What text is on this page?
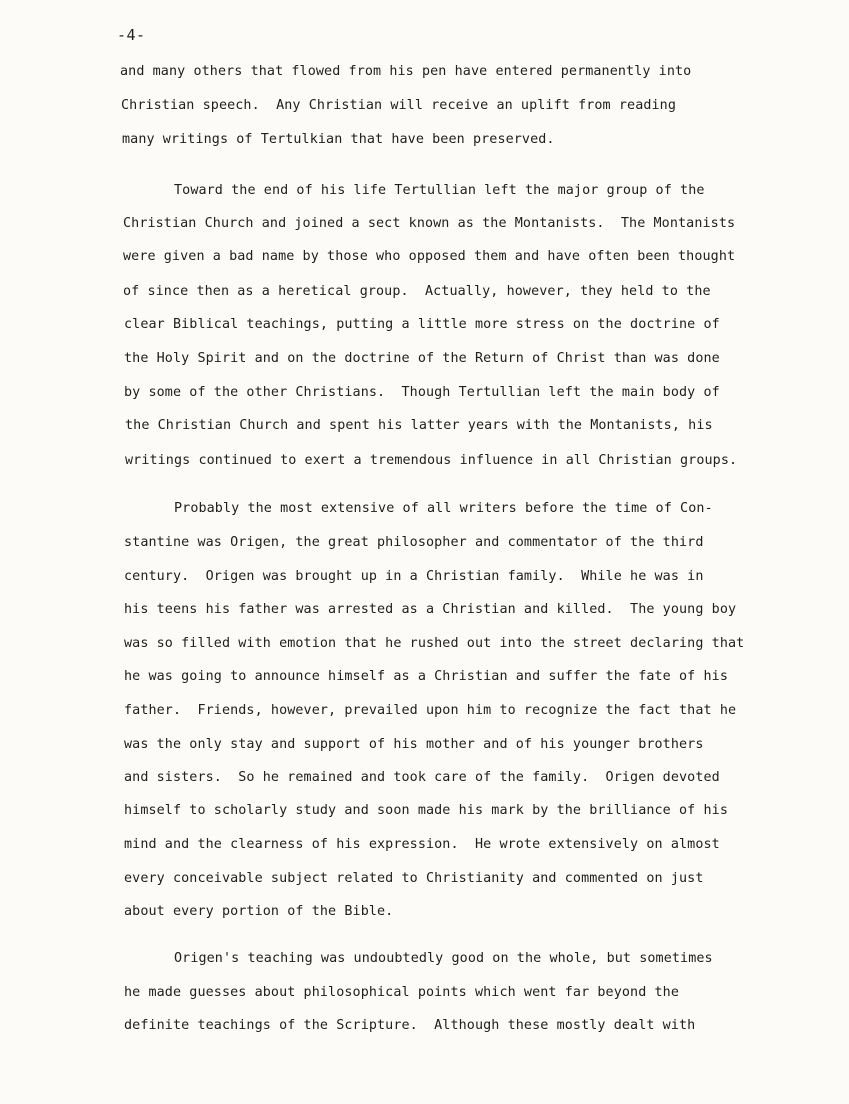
-4-
and many others that flowed from his pen have entered permanently into
Christian speech.  Any Christian will receive an uplift from reading
many writings of Tertulkian that have been preserved.
Toward the end of his life Tertullian left the major group of the
Christian Church and joined a sect known as the Montanists.  The Montanists
were given a bad name by those who opposed them and have often been thought
of since then as a heretical group.  Actually, however, they held to the
clear Biblical teachings, putting a little more stress on the doctrine of
the Holy Spirit and on the doctrine of the Return of Christ than was done
by some of the other Christians.  Though Tertullian left the main body of
the Christian Church and spent his latter years with the Montanists, his
writings continued to exert a tremendous influence in all Christian groups.
Probably the most extensive of all writers before the time of Con-
stantine was Origen, the great philosopher and commentator of the third
century.  Origen was brought up in a Christian family.  While he was in
his teens his father was arrested as a Christian and killed.  The young boy
was so filled with emotion that he rushed out into the street declaring that
he was going to announce himself as a Christian and suffer the fate of his
father.  Friends, however, prevailed upon him to recognize the fact that he
was the only stay and support of his mother and of his younger brothers
and sisters.  So he remained and took care of the family.  Origen devoted
himself to scholarly study and soon made his mark by the brilliance of his
mind and the clearness of his expression.  He wrote extensively on almost
every conceivable subject related to Christianity and commented on just
about every portion of the Bible.
Origen's teaching was undoubtedly good on the whole, but sometimes
he made guesses about philosophical points which went far beyond the
definite teachings of the Scripture.  Although these mostly dealt with
